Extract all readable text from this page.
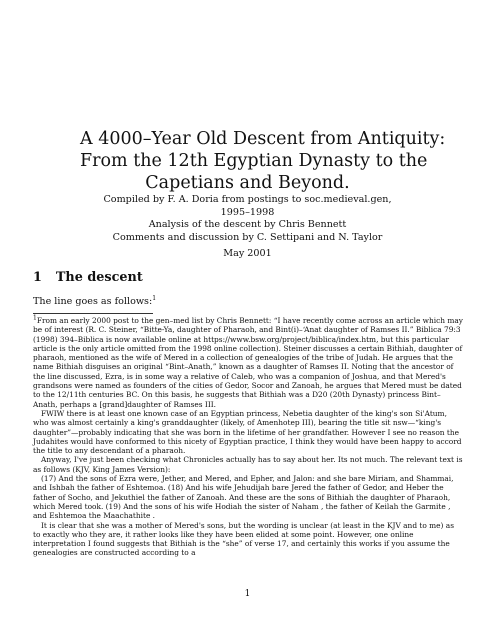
A 4000–Year Old Descent from Antiquity:
From the 12th Egyptian Dynasty to the
Capetians and Beyond.
Compiled by F. A. Doria from postings to soc.medieval.gen,
1995–1998
Analysis of the descent by Chris Bennett
Comments and discussion by C. Settipani and N. Taylor
May 2001
1 The descent
The line goes as follows:$^1$

$^1$From an early 2000 post to the gen–med list by Chris Bennett: “I have recently come across an article which may be of interest (R. C. Steiner, “Bitte-Ya, daughter of Pharaoh, and Bint(i)–‘Anat daughter of Ramses II.” Biblica 79:3 (1998) 394–Biblica is now available online at https://www.bsw.org/project/biblica/index.htm, but this particular article is the only article omitted from the 1998 online collection). Steiner discusses a certain Bithiah, daughter of pharaoh, mentioned as the wife of Mered in a collection of genealogies of the tribe of Judah. He argues that the name Bithiah disguises an original “Bint–Anath,” known as a daughter of Ramses II. Noting that the ancestor of the line discussed, Ezra, is in some way a relative of Caleb, who was a companion of Joshua, and that Mered's grandsons were named as founders of the cities of Gedor, Socor and Zanoah, he argues that Mered must be dated to the 12/11th centuries BC. On this basis, he suggests that Bithiah was a D20 (20th Dynasty) princess Bint–Anath, perhaps a [grand]daughter of Ramses III.

FWIW there is at least one known case of an Egyptian princess, Nebetia daughter of the king's son Si'Atum, who was almost certainly a king's granddaughter (likely, of Amenhotep III), bearing the title sit nsw—“king's daughter”—probably indicating that she was born in the lifetime of her grandfather. However I see no reason the Judahites would have conformed to this nicety of Egyptian practice, I think they would have been happy to accord the title to any descendant of a pharaoh.

Anyway, I've just been checking what Chronicles actually has to say about her. Its not much. The relevant text is as follows (KJV, King James Version):

(17) And the sons of Ezra were, Jether, and Mered, and Epher, and Jalon: and she bare Miriam, and Shammai, and Ishbah the father of Eshtemoa. (18) And his wife Jehudijah bare Jered the father of Gedor, and Heber the father of Socho, and Jekuthiel the father of Zanoah. And these are the sons of Bithiah the daughter of Pharaoh, which Mered took. (19) And the sons of his wife Hodiah the sister of Naham , the father of Keilah the Garmite , and Eshtemoa the Maachathite .

It is clear that she was a mother of Mered's sons, but the wording is unclear (at least in the KJV and to me) as to exactly who they are, it rather looks like they have been elided at some point. However, one online interpretation I found suggests that Bithiah is the “she” of verse 17, and certainly this works if you assume the genealogies are constructed according to a

1
